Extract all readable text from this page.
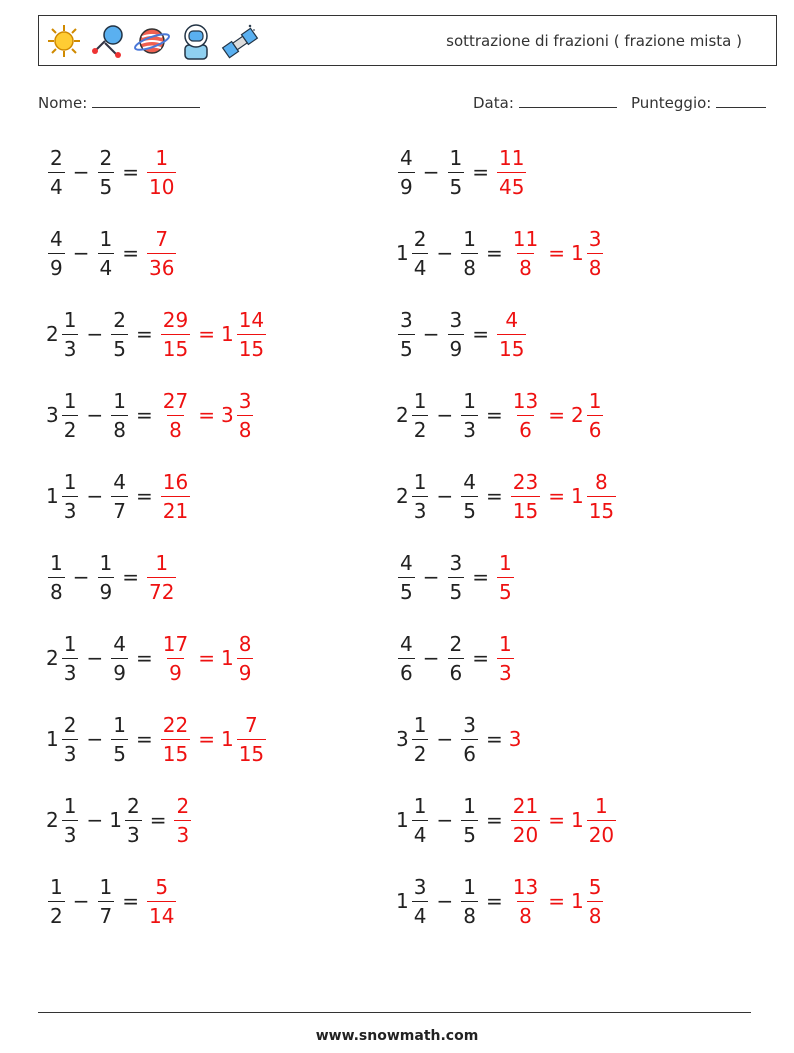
sottrazione di frazioni ( frazione mista )
Nome:	Data:	Punteggio:
$\frac{2}{4} - \frac{2}{5} = \frac{1}{10}$	$\frac{4}{9} - \frac{1}{5} = \frac{11}{45}$
$\frac{4}{9} - \frac{1}{4} = \frac{7}{36}$	$1 \frac{2}{4} - \frac{1}{8} = \frac{11}{8} = 1 \frac{3}{8}$
$2 \frac{1}{3} - \frac{2}{5} = \frac{29}{15} = 1 \frac{14}{15}$	$\frac{3}{5} - \frac{3}{9} = \frac{4}{15}$
$3 \frac{1}{2} - \frac{1}{8} = \frac{27}{8} = 3 \frac{3}{8}$	$2 \frac{1}{2} - \frac{1}{3} = \frac{13}{6} = 2 \frac{1}{6}$
$1 \frac{1}{3} - \frac{4}{7} = \frac{16}{21}$	$2 \frac{1}{3} - \frac{4}{5} = \frac{23}{15} = 1 \frac{8}{15}$
$\frac{1}{8} - \frac{1}{9} = \frac{1}{72}$	$\frac{4}{5} - \frac{3}{5} = \frac{1}{5}$
$2 \frac{1}{3} - \frac{4}{9} = \frac{17}{9} = 1 \frac{8}{9}$	$\frac{4}{6} - \frac{2}{6} = \frac{1}{3}$
$1 \frac{2}{3} - \frac{1}{5} = \frac{22}{15} = 1 \frac{7}{15}$	$3 \frac{1}{2} - \frac{3}{6} = 3$
$2 \frac{1}{3} - 1 \frac{2}{3} = \frac{2}{3}$	$1 \frac{1}{4} - \frac{1}{5} = \frac{21}{20} = 1 \frac{1}{20}$
$\frac{1}{2} - \frac{1}{7} = \frac{5}{14}$	$1 \frac{3}{4} - \frac{1}{8} = \frac{13}{8} = 1 \frac{5}{8}$
www.snowmath.com
